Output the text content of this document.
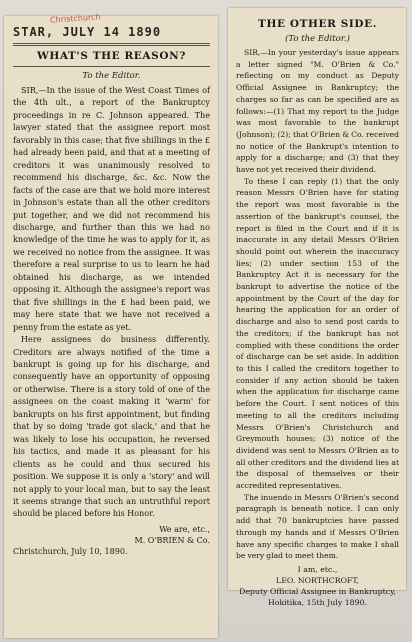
Christchurch
STAR, JULY 14 1890
WHAT'S THE REASON?
To the Editor.

SIR,—In the issue of the West Coast Times of the 4th ult., a report of the Bankruptcy proceedings in re C. Johnson appeared. The lawyer stated that the assignee report most favorably in this case; that five shillings in the £ had already been paid, and that at a meeting of creditors it was unanimously resolved to recommend his discharge, &c. &c. Now the facts of the case are that we hold more interest in Johnson's estate than all the other creditors put together, and we did not recommend his discharge, and further than this we had no knowledge of the time he was to apply for it, as we received no notice from the assignee. It was therefore a real surprise to us to learn he had obtained his discharge, as we intended opposing it. Although the assignee's report was that five shillings in the £ had been paid, we may here state that we have not received a penny from the estate as yet.

Here assignees do business differently. Creditors are always notified of the time a bankrupt is going up for his discharge, and consequently have an opportunity of opposing or otherwise. There is a story told of one of the assignees on the coast making it 'warm' for bankrupts on his first appointment, but finding that by so doing 'trade got slack,' and that he was likely to lose his occupation, he reversed his tactics, and made it as pleasant for his clients as he could and thus secured his position. We suppose it is only a 'story' and will not apply to your local man, but to say the least it seems strange that such an untruthful report should be placed before his Honor.

We are, etc.,

M. O'BRIEN & Co.

Christchurch, July 10, 1890.

THE OTHER SIDE.
(To the Editor.)

SIR,—In your yesterday's issue appears a letter signed "M. O'Brien & Co." reflecting on my conduct as Deputy Official Assignee in Bankruptcy; the charges so far as can be specified are as follows:—(1) That my report to the Judge was most favorable to the bankrupt (Johnson); (2); that O'Brien & Co. received no notice of the Bankrupt's intention to apply for a discharge; and (3) that they have not yet received their dividend.

To these I can reply (1) that the only reason Messrs O'Brien have for stating the report was most favorable is the assertion of the bankrupt's counsel, the report is filed in the Court and if it is inaccurate in any detail Messrs O'Brien should point out wherein the inaccuracy lies; (2) under section 153 of the Bankruptcy Act it is necessary for the bankrupt to advertise the notice of the appointment by the Court of the day for hearing the application for an order of discharge and also to send post cards to the creditors; if the bankrupt has not complied with these conditions the order of discharge can be set aside. In addition to this I called the creditors together to consider if any action should be taken when the application for discharge came before the Court. I sent notices of this meeting to all the creditors including Messrs O'Brien's Christchurch and Greymouth houses; (3) notice of the dividend was sent to Messrs O'Brien as to all other creditors and the dividend lies at the disposal of themselves or their accredited representatives.

The inuendo in Messrs O'Brien's second paragraph is beneath notice. I can only add that 70 bankruptcies have passed through my hands and if Messrs O'Brien have any specific charges to make I shall be very glad to meet them.

I am, etc.,

LEO. NORTHCROFT,

Deputy Official Assignee in Bankruptcy,

Hokitika, 15th July 1890.
